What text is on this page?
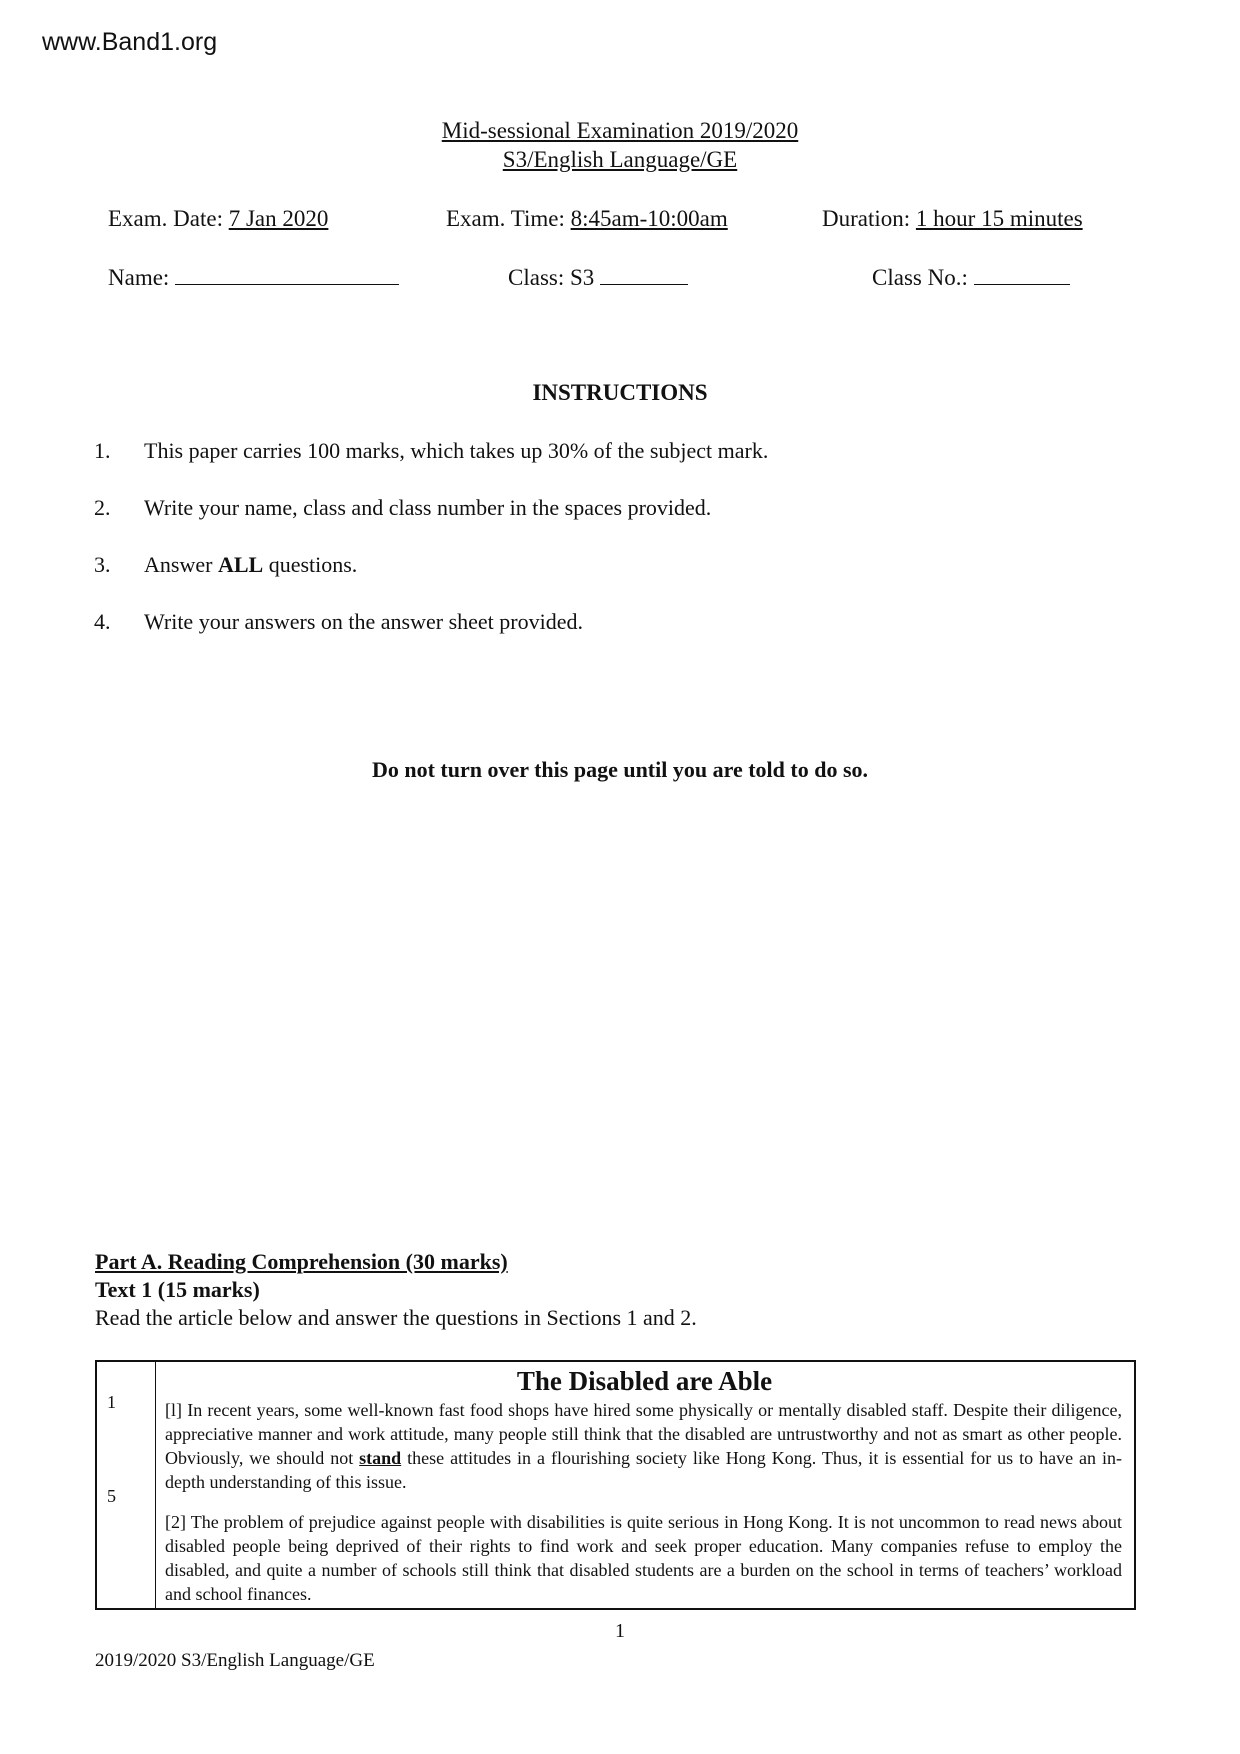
www.Band1.org
Mid-sessional Examination 2019/2020
S3/English Language/GE
Exam. Date: 7 Jan 2020	Exam. Time: 8:45am-10:00am	Duration: 1 hour 15 minutes
Name:	Class: S3	Class No.:
INSTRUCTIONS
1. This paper carries 100 marks, which takes up 30% of the subject mark.
2. Write your name, class and class number in the spaces provided.
3. Answer ALL questions.
4. Write your answers on the answer sheet provided.
Do not turn over this page until you are told to do so.
Part A. Reading Comprehension (30 marks)
Text 1 (15 marks)
Read the article below and answer the questions in Sections 1 and 2.
1
5
The Disabled are Able
[l] In recent years, some well-known fast food shops have hired some physically or mentally disabled staff. Despite their diligence, appreciative manner and work attitude, many people still think that the disabled are untrustworthy and not as smart as other people. Obviously, we should not stand these attitudes in a flourishing society like Hong Kong. Thus, it is essential for us to have an in-depth understanding of this issue.
[2] The problem of prejudice against people with disabilities is quite serious in Hong Kong. It is not uncommon to read news about disabled people being deprived of their rights to find work and seek proper education. Many companies refuse to employ the disabled, and quite a number of schools still think that disabled students are a burden on the school in terms of teachers’ workload and school finances.
1
2019/2020 S3/English Language/GE
